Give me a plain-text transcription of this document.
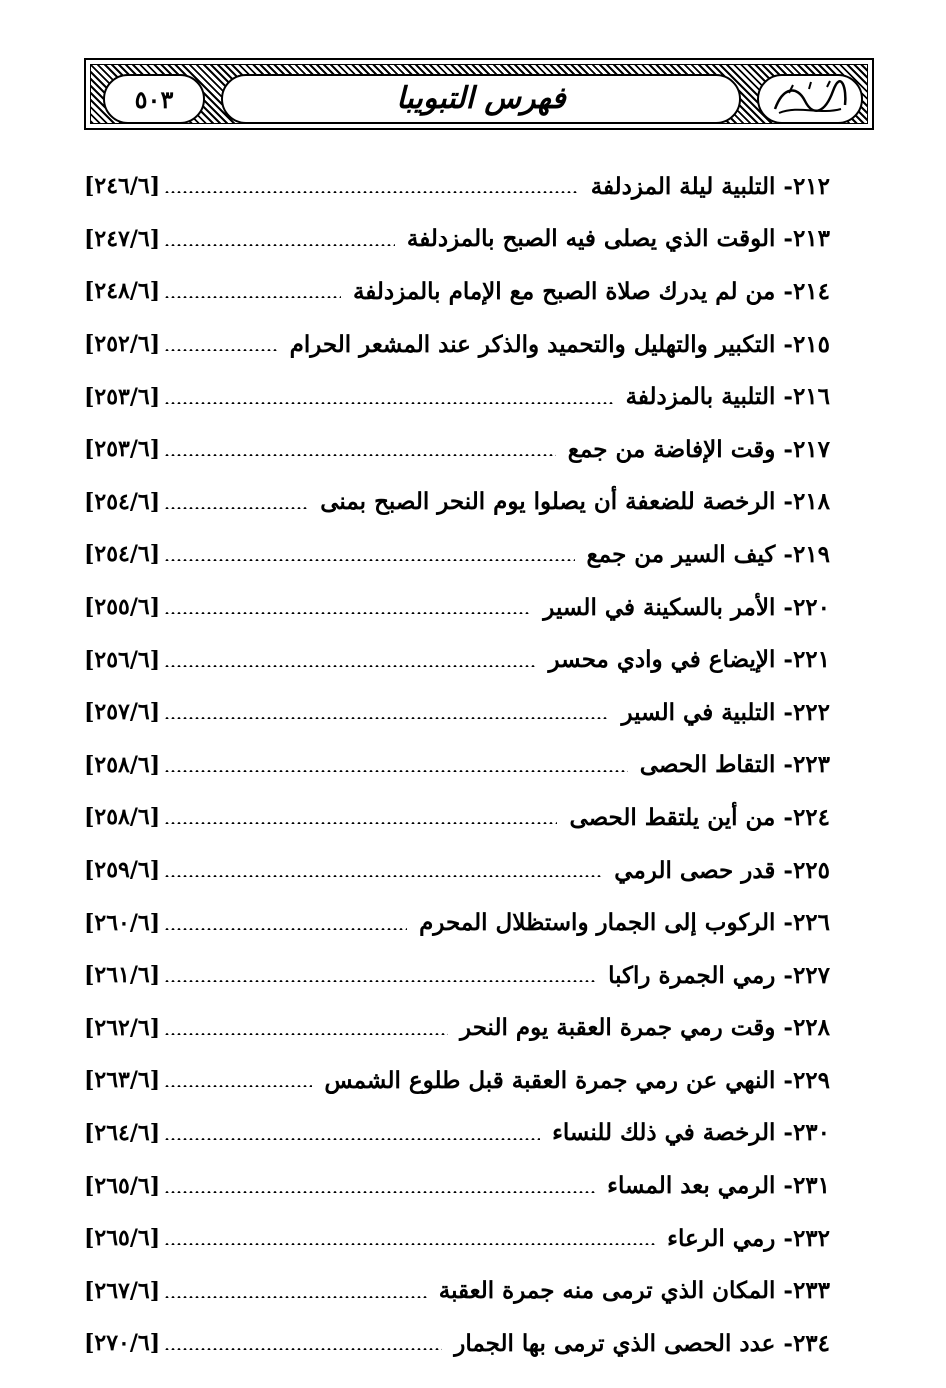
٥٠٣	فهرس التبويبا
٢١٢- التلبية ليلة المزدلفة
[٢٤٦/٦]
٢١٣- الوقت الذي يصلى فيه الصبح بالمزدلفة
[٢٤٧/٦]
٢١٤- من لم يدرك صلاة الصبح مع الإمام بالمزدلفة
[٢٤٨/٦]
٢١٥- التكبير والتهليل والتحميد والذكر عند المشعر الحرام
[٢٥٢/٦]
٢١٦- التلبية بالمزدلفة
[٢٥٣/٦]
٢١٧- وقت الإفاضة من جمع
[٢٥٣/٦]
٢١٨- الرخصة للضعفة أن يصلوا يوم النحر الصبح بمنى
[٢٥٤/٦]
٢١٩- كيف السير من جمع
[٢٥٤/٦]
٢٢٠- الأمر بالسكينة في السير
[٢٥٥/٦]
٢٢١- الإيضاع في وادي محسر
[٢٥٦/٦]
٢٢٢- التلبية في السير
[٢٥٧/٦]
٢٢٣- التقاط الحصى
[٢٥٨/٦]
٢٢٤- من أين يلتقط الحصى
[٢٥٨/٦]
٢٢٥- قدر حصى الرمي
[٢٥٩/٦]
٢٢٦- الركوب إلى الجمار واستظلال المحرم
[٢٦٠/٦]
٢٢٧- رمي الجمرة راكبا
[٢٦١/٦]
٢٢٨- وقت رمي جمرة العقبة يوم النحر
[٢٦٢/٦]
٢٢٩- النهي عن رمي جمرة العقبة قبل طلوع الشمس
[٢٦٣/٦]
٢٣٠- الرخصة في ذلك للنساء
[٢٦٤/٦]
٢٣١- الرمي بعد المساء
[٢٦٥/٦]
٢٣٢- رمي الرعاء
[٢٦٥/٦]
٢٣٣- المكان الذي ترمى منه جمرة العقبة
[٢٦٧/٦]
٢٣٤- عدد الحصى الذي ترمى بها الجمار
[٢٧٠/٦]
